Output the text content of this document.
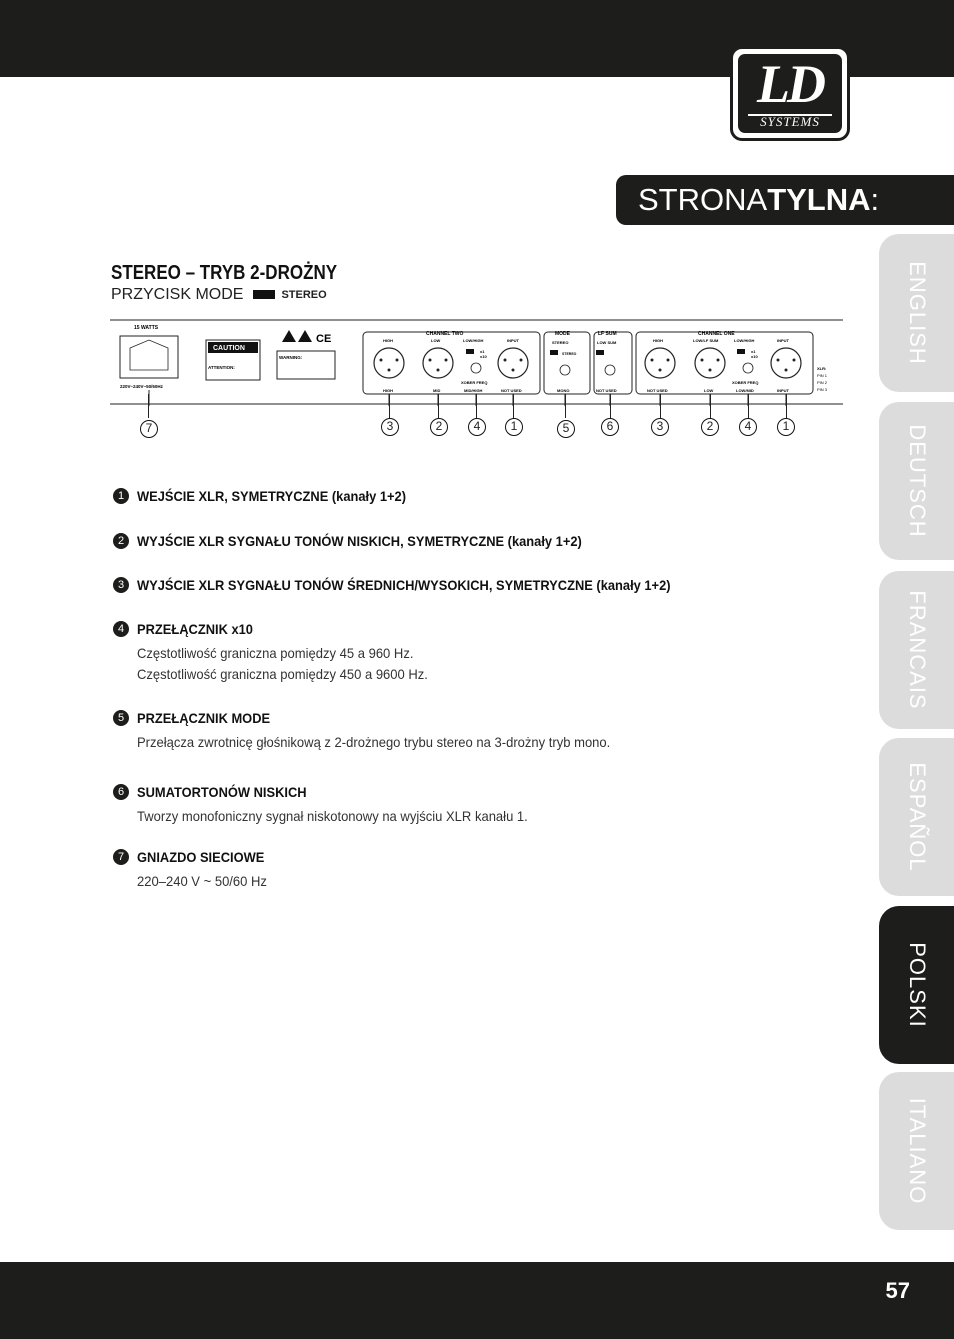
LD
SYSTEMS
STRONATYLNA:
ENGLISH
DEUTSCH
FRANCAIS
ESPAÑOL
POLSKI
ITALIANO
STEREO – TRYB 2-DROŻNY
PRZYCISK MODE	STEREO
15 WATTS
220V–240V~50/60Hz
CAUTION
ATTENTION:
CE
WARNING:
CHANNEL TWO
HIGH	LOW	LOW/HIGH	INPUT
x1
x10
XOBER FREQ
HIGH	MID	MID/HIGH	NOT USED
MODE
STEREO
STEREO
MONO
LF SUM
LOW SUM
NOT USED
CHANNEL ONE
HIGH	LOW/LF SUM	LOW/HIGH	INPUT
x1
x10
XOBER FREQ
NOT USED	LOW	LOW/MID	INPUT
XLR:
PIN 1
PIN 2
PIN 3
7	3	2	4	1	5	6	3	2	4	1
1 WEJŚCIE XLR, SYMETRYCZNE (kanały 1+2)
2 WYJŚCIE XLR SYGNAŁU TONÓW NISKICH, SYMETRYCZNE (kanały 1+2)
3 WYJŚCIE XLR SYGNAŁU TONÓW ŚREDNICH/WYSOKICH, SYMETRYCZNE (kanały 1+2)
4 PRZEŁĄCZNIK x10
Częstotliwość graniczna pomiędzy 45 a 960 Hz.
Częstotliwość graniczna pomiędzy 450 a 9600 Hz.
5 PRZEŁĄCZNIK MODE
Przełącza zwrotnicę głośnikową z 2-drożnego trybu stereo na 3-drożny tryb mono.
6 SUMATORTONÓW NISKICH
Tworzy monofoniczny sygnał niskotonowy na wyjściu XLR kanału 1.
7 GNIAZDO SIECIOWE
220–240 V ~ 50/60 Hz
57
